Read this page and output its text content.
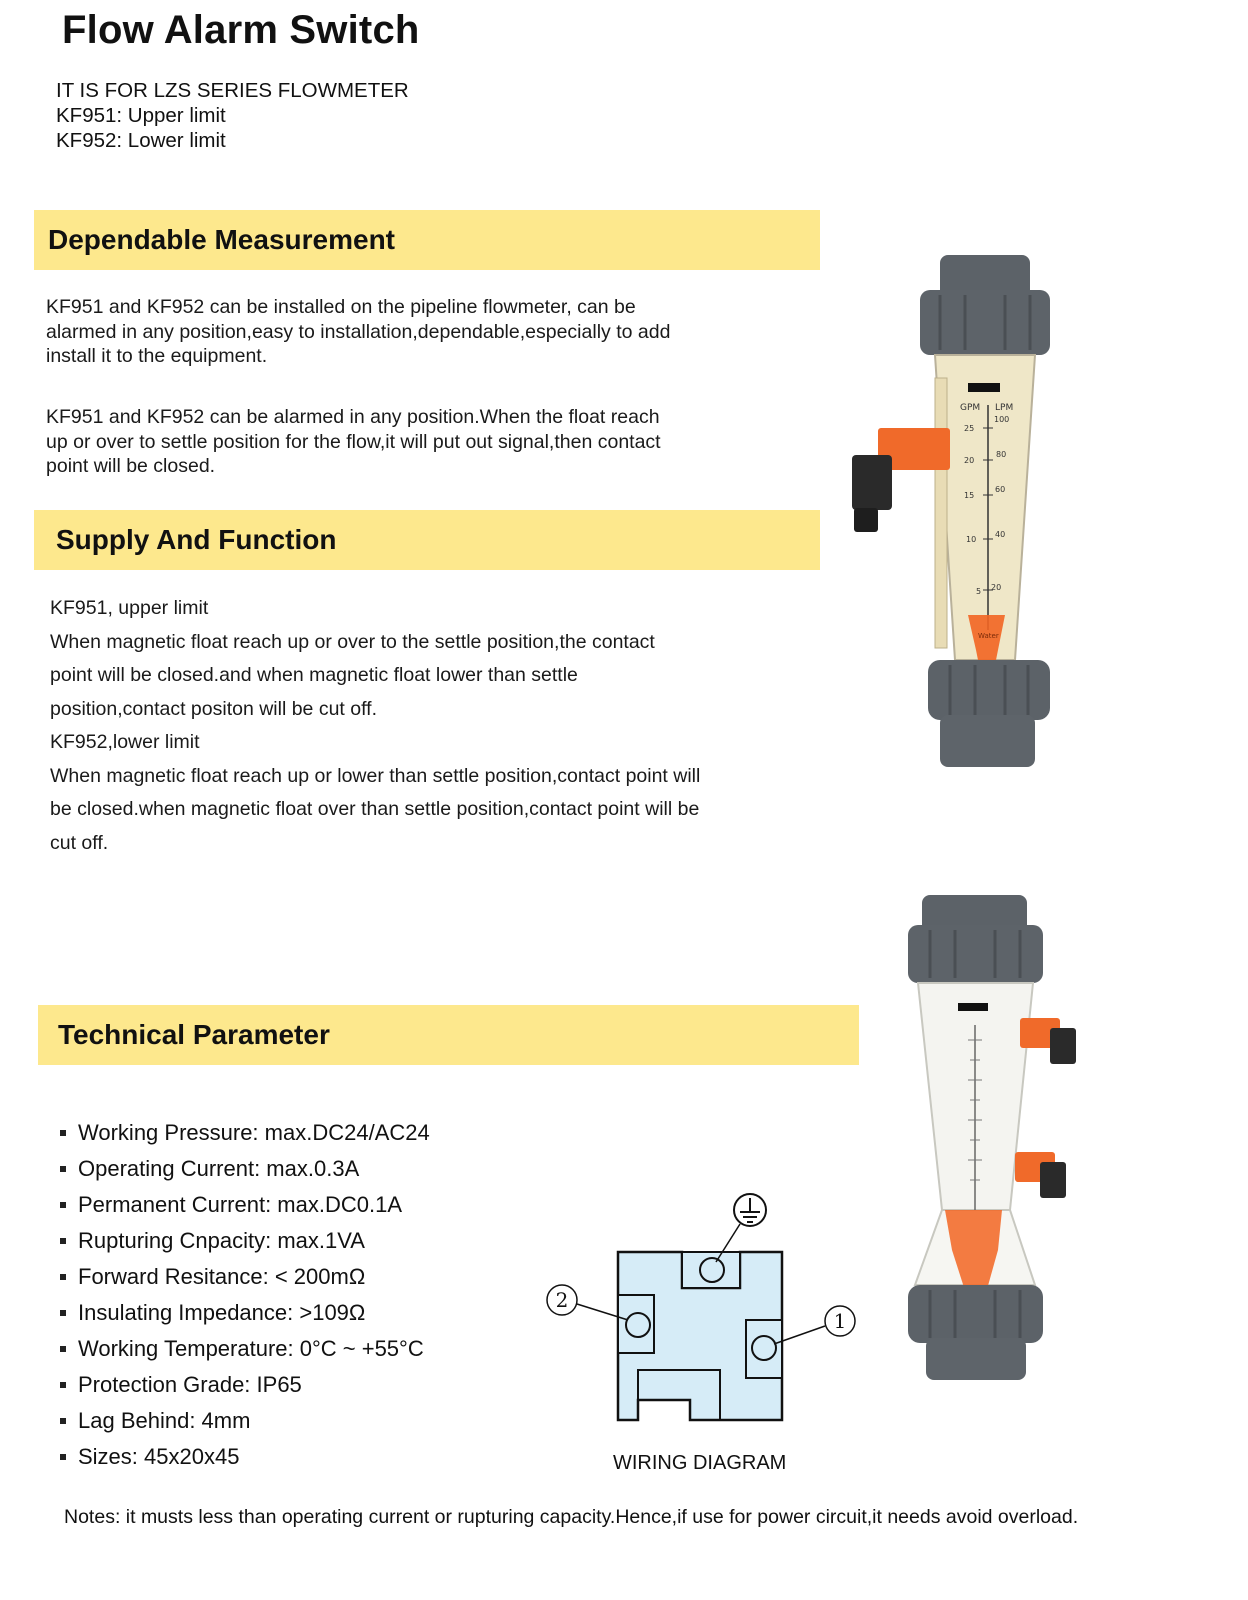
Flow Alarm Switch
IT IS FOR LZS SERIES FLOWMETER
KF951: Upper limit
KF952: Lower limit
Dependable Measurement
KF951 and KF952 can be installed on the pipeline flowmeter, can be
alarmed in any position,easy to installation,dependable,especially to add
install it to the equipment.
KF951 and KF952 can be alarmed in any position.When the float reach
up or over to settle position for the flow,it will put out signal,then contact
point will be closed.
Supply And Function
KF951, upper limit
When magnetic float reach up or over to the settle position,the contact
point will be closed.and when magnetic float lower than settle
position,contact positon will be cut off.
KF952,lower limit
When magnetic float reach up or lower than settle position,contact point will
be closed.when magnetic float over than settle position,contact point will be
cut off.
Technical Parameter
Working Pressure: max.DC24/AC24
Operating Current: max.0.3A
Permanent Current: max.DC0.1A
Rupturing Cnpacity: max.1VA
Forward Resitance: < 200mΩ
Insulating Impedance: >109Ω
Working Temperature: 0°C ~ +55°C
Protection Grade: IP65
Lag Behind: 4mm
Sizes: 45x20x45
GPM LPM
25
20
15
10
5
100
80
60
40
20
Water
2
1
WIRING DIAGRAM
Notes: it musts less than operating current or rupturing capacity.Hence,if use for power circuit,it needs avoid overload.
